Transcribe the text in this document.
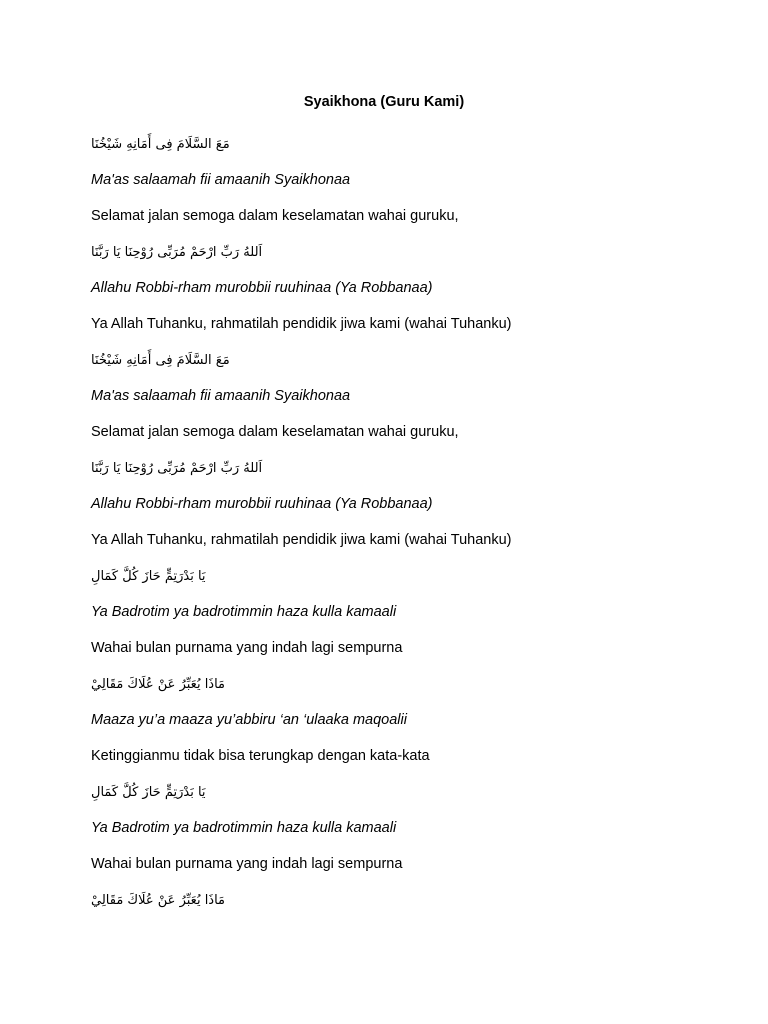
Syaikhona (Guru Kami)
مَعَ السَّلَامَ فِى أَمَانِهِ شَيْخُنَا
Ma'as salaamah fii amaanih Syaikhonaa
Selamat jalan semoga dalam keselamatan wahai guruku,
اَللهُ رَبِّ ارْحَمْ مُرَبِّى رُوْحِنَا يَا رَبَّنَا
Allahu Robbi-rham murobbii ruuhinaa (Ya Robbanaa)
Ya Allah Tuhanku, rahmatilah pendidik jiwa kami (wahai Tuhanku)
مَعَ السَّلَامَ فِى أَمَانِهِ شَيْخُنَا
Ma'as salaamah fii amaanih Syaikhonaa
Selamat jalan semoga dalam keselamatan wahai guruku,
اَللهُ رَبِّ ارْحَمْ مُرَبِّى رُوْحِنَا يَا رَبَّنَا
Allahu Robbi-rham murobbii ruuhinaa (Ya Robbanaa)
Ya Allah Tuhanku, rahmatilah pendidik jiwa kami (wahai Tuhanku)
يَا بَدْرَتِمٍّ حَازَ كُلَّ كَمَالِ
Ya Badrotim ya badrotimmin haza kulla kamaali
Wahai bulan purnama yang indah lagi sempurna
مَاذَا يُعَبِّرُ عَنْ عُلَاكَ مَقَالِيْ
Maaza yu’a maaza yu’abbiru ‘an ‘ulaaka maqoalii
Ketinggianmu tidak bisa terungkap dengan kata-kata
يَا بَدْرَتِمٍّ حَازَ كُلَّ كَمَالِ
Ya Badrotim ya badrotimmin haza kulla kamaali
Wahai bulan purnama yang indah lagi sempurna
مَاذَا يُعَبِّرُ عَنْ عُلَاكَ مَقَالِيْ
